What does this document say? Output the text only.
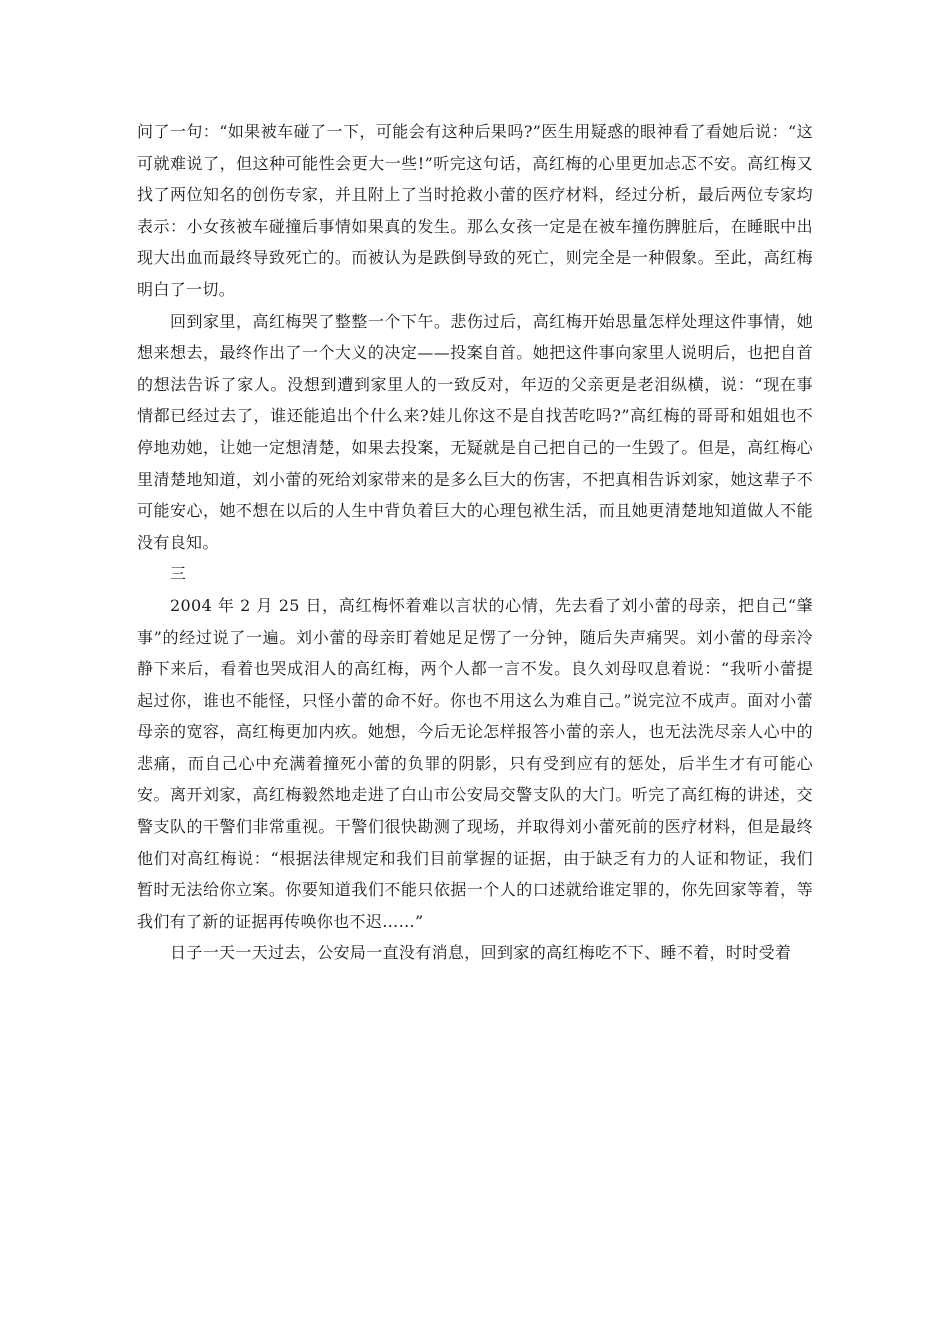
问了一句：“如果被车碰了一下，可能会有这种后果吗?”医生用疑惑的眼神看了看她后说：“这可就难说了，但这种可能性会更大一些!”听完这句话，高红梅的心里更加忐忑不安。高红梅又找了两位知名的创伤专家，并且附上了当时抢救小蕾的医疗材料，经过分析，最后两位专家均表示：小女孩被车碰撞后事情如果真的发生。那么女孩一定是在被车撞伤脾脏后，在睡眠中出现大出血而最终导致死亡的。而被认为是跌倒导致的死亡，则完全是一种假象。至此，高红梅明白了一切。

回到家里，高红梅哭了整整一个下午。悲伤过后，高红梅开始思量怎样处理这件事情，她想来想去，最终作出了一个大义的决定——投案自首。她把这件事向家里人说明后，也把自首的想法告诉了家人。没想到遭到家里人的一致反对，年迈的父亲更是老泪纵横，说：“现在事情都已经过去了，谁还能追出个什么来?娃儿你这不是自找苦吃吗?”高红梅的哥哥和姐姐也不停地劝她，让她一定想清楚，如果去投案，无疑就是自己把自己的一生毁了。但是，高红梅心里清楚地知道，刘小蕾的死给刘家带来的是多么巨大的伤害，不把真相告诉刘家，她这辈子不可能安心，她不想在以后的人生中背负着巨大的心理包袱生活，而且她更清楚地知道做人不能没有良知。

三

2004 年 2 月 25 日，高红梅怀着难以言状的心情，先去看了刘小蕾的母亲，把自己“肇事”的经过说了一遍。刘小蕾的母亲盯着她足足愣了一分钟，随后失声痛哭。刘小蕾的母亲冷静下来后，看着也哭成泪人的高红梅，两个人都一言不发。良久刘母叹息着说：“我听小蕾提起过你，谁也不能怪，只怪小蕾的命不好。你也不用这么为难自己。”说完泣不成声。面对小蕾母亲的宽容，高红梅更加内疚。她想，今后无论怎样报答小蕾的亲人，也无法洗尽亲人心中的悲痛，而自己心中充满着撞死小蕾的负罪的阴影，只有受到应有的惩处，后半生才有可能心安。离开刘家，高红梅毅然地走进了白山市公安局交警支队的大门。听完了高红梅的讲述，交警支队的干警们非常重视。干警们很快勘测了现场，并取得刘小蕾死前的医疗材料，但是最终他们对高红梅说：“根据法律规定和我们目前掌握的证据，由于缺乏有力的人证和物证，我们暂时无法给你立案。你要知道我们不能只依据一个人的口述就给谁定罪的，你先回家等着，等我们有了新的证据再传唤你也不迟……”

日子一天一天过去，公安局一直没有消息，回到家的高红梅吃不下、睡不着，时时受着
